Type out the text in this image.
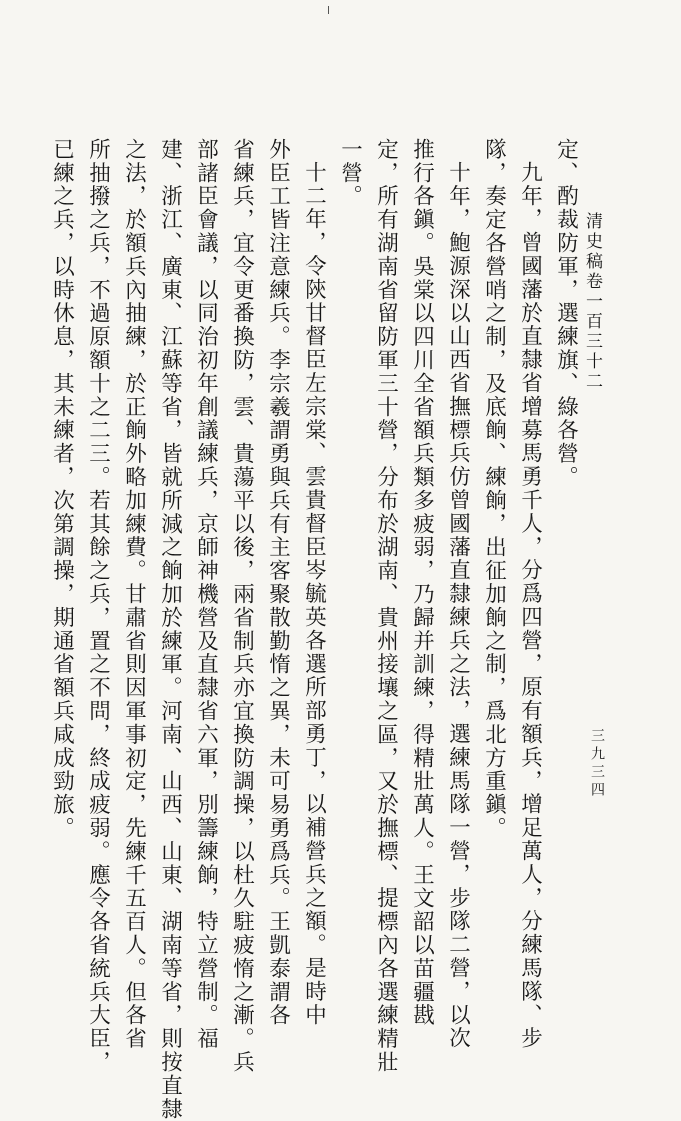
清史稿卷一百三十二
三九三四
定、酌裁防軍，選練旗、綠各營。
九年，曾國藩於直隸省增募馬勇千人，分爲四營，原有額兵，增足萬人，分練馬隊、步
隊，奏定各營哨之制，及底餉、練餉，出征加餉之制，爲北方重鎭。
十年，鮑源深以山西省撫標兵仿曾國藩直隸練兵之法，選練馬隊一營，步隊二營，以次
推行各鎭。吳棠以四川全省額兵類多疲弱，乃歸并訓練，得精壯萬人。王文韶以苗疆戡
定，所有湖南省留防軍三十營，分布於湖南、貴州接壤之區，又於撫標、提標內各選練精壯
一營。
十二年，令陝甘督臣左宗棠、雲貴督臣岑毓英各選所部勇丁，以補營兵之額。是時中
外臣工皆注意練兵。李宗羲謂勇與兵有主客聚散勤惰之異，未可易勇爲兵。王凱泰謂各
省練兵，宜令更番換防，雲、貴蕩平以後，兩省制兵亦宜換防調操，以杜久駐疲惰之漸。兵
部諸臣會議，以同治初年創議練兵，京師神機營及直隸省六軍，別籌練餉，特立營制。福
建、浙江、廣東、江蘇等省，皆就所減之餉加於練軍。河南、山西、山東、湖南等省，則按直隸
之法，於額兵內抽練，於正餉外略加練費。甘肅省則因軍事初定，先練千五百人。但各省
所抽撥之兵，不過原額十之二三。若其餘之兵，置之不問，終成疲弱。應令各省統兵大臣，
已練之兵，以時休息，其未練者，次第調操，期通省額兵咸成勁旅。
